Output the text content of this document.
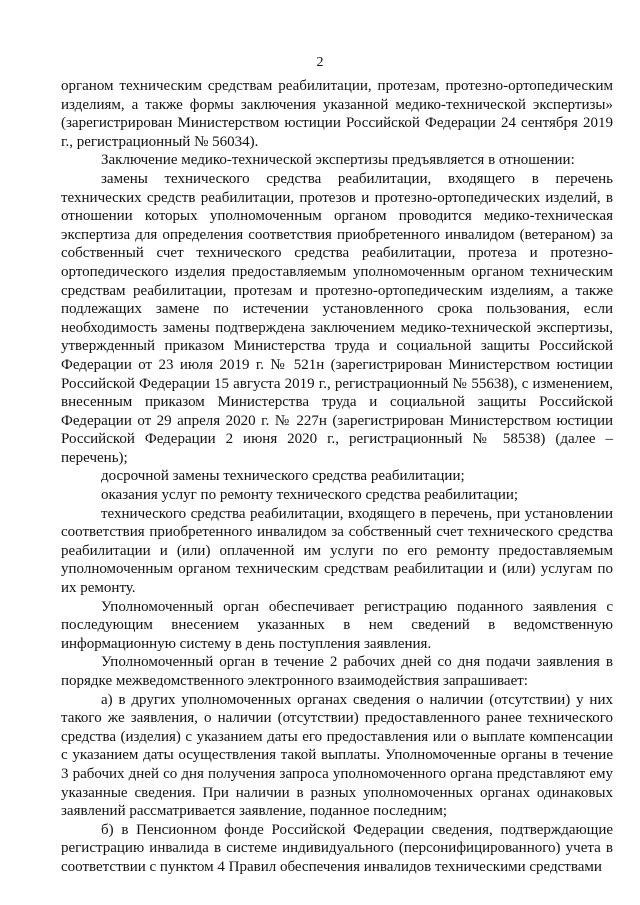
2

органом техническим средствам реабилитации, протезам, протезно-ортопедическим изделиям, а также формы заключения указанной медико-технической экспертизы» (зарегистрирован Министерством юстиции Российской Федерации 24 сентября 2019 г., регистрационный № 56034).

Заключение медико-технической экспертизы предъявляется в отношении:

замены технического средства реабилитации, входящего в перечень технических средств реабилитации, протезов и протезно-ортопедических изделий, в отношении которых уполномоченным органом проводится медико-техническая экспертиза для определения соответствия приобретенного инвалидом (ветераном) за собственный счет технического средства реабилитации, протеза и протезно-ортопедического изделия предоставляемым уполномоченным органом техническим средствам реабилитации, протезам и протезно-ортопедическим изделиям, а также подлежащих замене по истечении установленного срока пользования, если необходимость замены подтверждена заключением медико-технической экспертизы, утвержденный приказом Министерства труда и социальной защиты Российской Федерации от 23 июля 2019 г. № 521н (зарегистрирован Министерством юстиции Российской Федерации 15 августа 2019 г., регистрационный № 55638), с изменением, внесенным приказом Министерства труда и социальной защиты Российской Федерации от 29 апреля 2020 г. № 227н (зарегистрирован Министерством юстиции Российской Федерации 2 июня 2020 г., регистрационный № 58538) (далее – перечень);

досрочной замены технического средства реабилитации;

оказания услуг по ремонту технического средства реабилитации;

технического средства реабилитации, входящего в перечень, при установлении соответствия приобретенного инвалидом за собственный счет технического средства реабилитации и (или) оплаченной им услуги по его ремонту предоставляемым уполномоченным органом техническим средствам реабилитации и (или) услугам по их ремонту.

Уполномоченный орган обеспечивает регистрацию поданного заявления с последующим внесением указанных в нем сведений в ведомственную информационную систему в день поступления заявления.

Уполномоченный орган в течение 2 рабочих дней со дня подачи заявления в порядке межведомственного электронного взаимодействия запрашивает:

а) в других уполномоченных органах сведения о наличии (отсутствии) у них такого же заявления, о наличии (отсутствии) предоставленного ранее технического средства (изделия) с указанием даты его предоставления или о выплате компенсации с указанием даты осуществления такой выплаты. Уполномоченные органы в течение 3 рабочих дней со дня получения запроса уполномоченного органа представляют ему указанные сведения. При наличии в разных уполномоченных органах одинаковых заявлений рассматривается заявление, поданное последним;

б) в Пенсионном фонде Российской Федерации сведения, подтверждающие регистрацию инвалида в системе индивидуального (персонифицированного) учета в соответствии с пунктом 4 Правил обеспечения инвалидов техническими средствами
